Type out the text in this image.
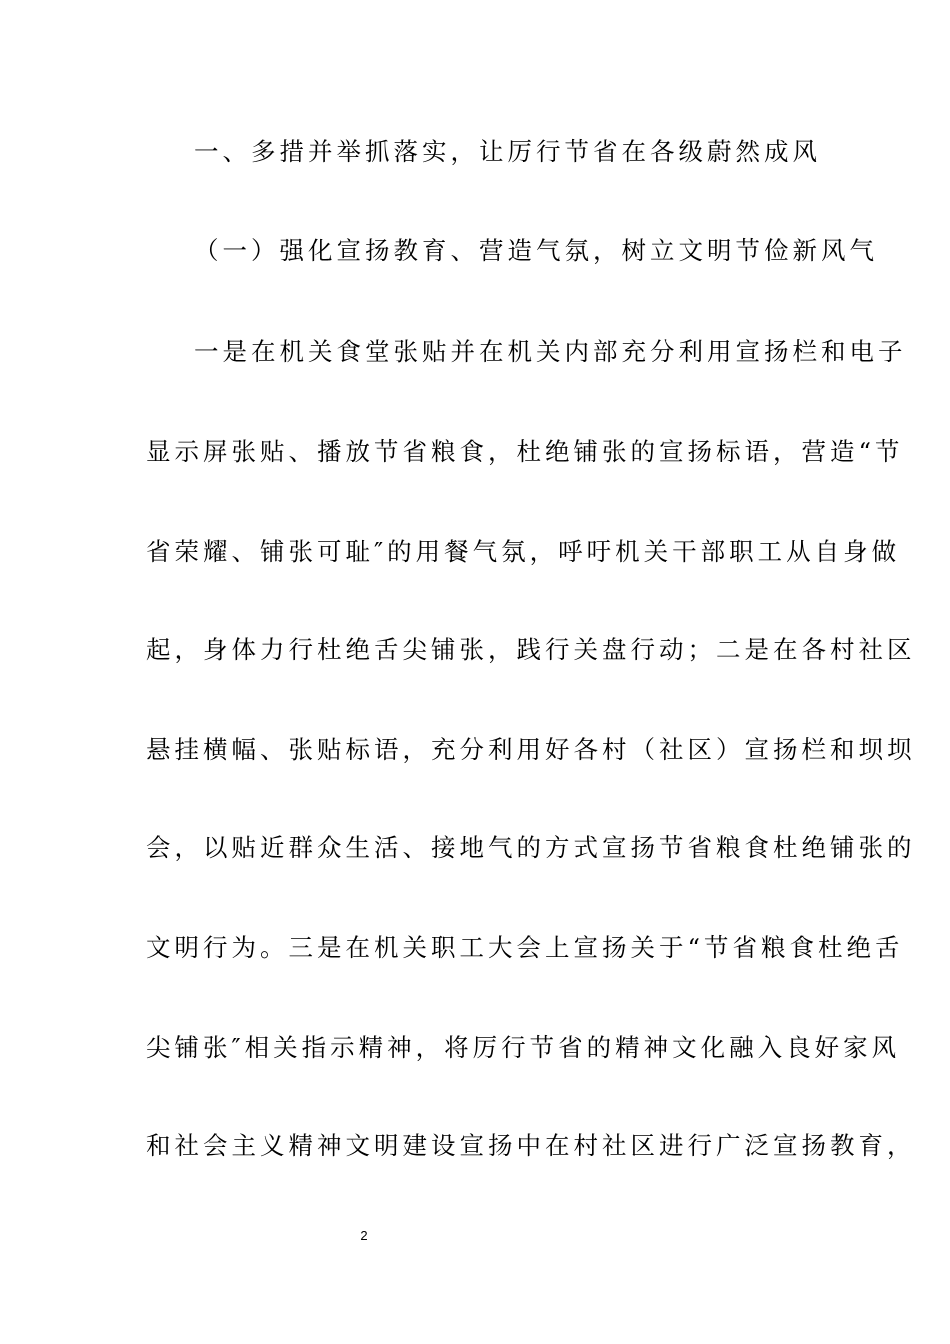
一、多措并举抓落实，让厉行节省在各级蔚然成风
（一）强化宣扬教育、营造气氛，树立文明节俭新风气
一是在机关食堂张贴并在机关内部充分利用宣扬栏和电子
显示屏张贴、播放节省粮食，杜绝铺张的宣扬标语，营造“节
省荣耀、铺张可耻″的用餐气氛，呼吁机关干部职工从自身做
起，身体力行杜绝舌尖铺张，践行关盘行动；二是在各村社区
悬挂横幅、张贴标语，充分利用好各村（社区）宣扬栏和坝坝
会，以贴近群众生活、接地气的方式宣扬节省粮食杜绝铺张的
文明行为。三是在机关职工大会上宣扬关于“节省粮食杜绝舌
尖铺张″相关指示精神，将厉行节省的精神文化融入良好家风
和社会主义精神文明建设宣扬中在村社区进行广泛宣扬教育，
2
